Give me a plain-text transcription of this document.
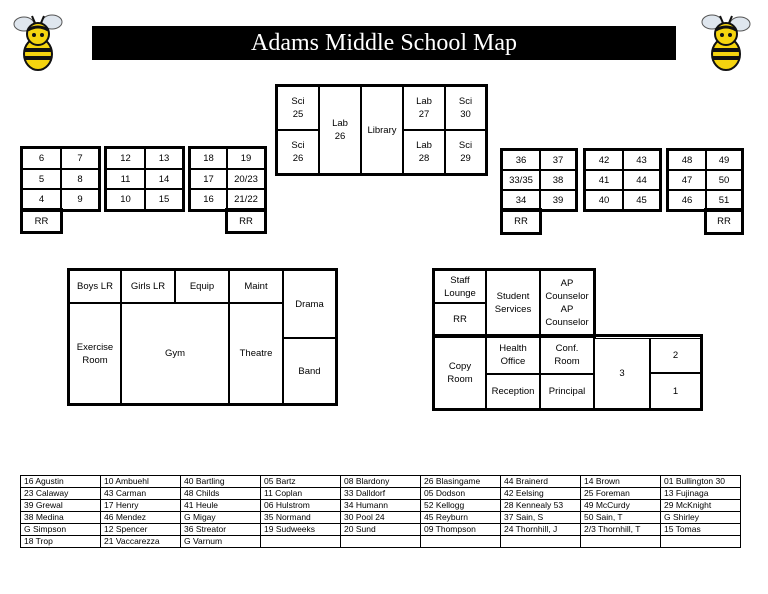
Adams Middle School Map
Sci
25
Lab
26
Library
Lab
27
Sci
30
Sci
26
Lab
28
Sci
29
6	7
5	8
4	9
RR
12	13
11	14
10	15
18	19
17	20/23
16	21/22
RR
36	37
33/35	38
34	39
RR
42	43
41	44
40	45
48	49
47	50
46	51
RR
Boys LR	Girls LR	Equip	Maint
Drama
Exercise
Room
Gym	Theatre
Band
Staff
Lounge	Student
Services
AP
Counselor
AP
Counselor
RR
Copy
Room
Health
Office
Conf.
Room
3
2
Reception	Principal	1
16 Agustin	10 Ambuehl	40 Bartling	05 Bartz	08 Blardony	26 Blasingame	44 Brainerd	14 Brown	01 Bullington 30
23 Calaway	43 Carman	48 Childs	11 Coplan	33 Dalldorf	05 Dodson	42 Eelsing	25 Foreman	13 Fujinaga
39 Grewal	17 Henry	41 Heule	06 Hulstrom	34 Humann	52 Kellogg	28 Kennealy 53	49 McCurdy	29 McKnight
38 Medina	46 Mendez	G Migay	35 Normand	30 Pool 24	45 Reyburn	37 Sain, S	50 Sain, T	G Shirley
G Simpson	12 Spencer	36 Streator	19 Sudweeks	20 Sund	09 Thompson	24 Thornhill, J	2/3 Thornhill, T	15 Tomas
18 Trop	21 Vaccarezza	G Varnum						
